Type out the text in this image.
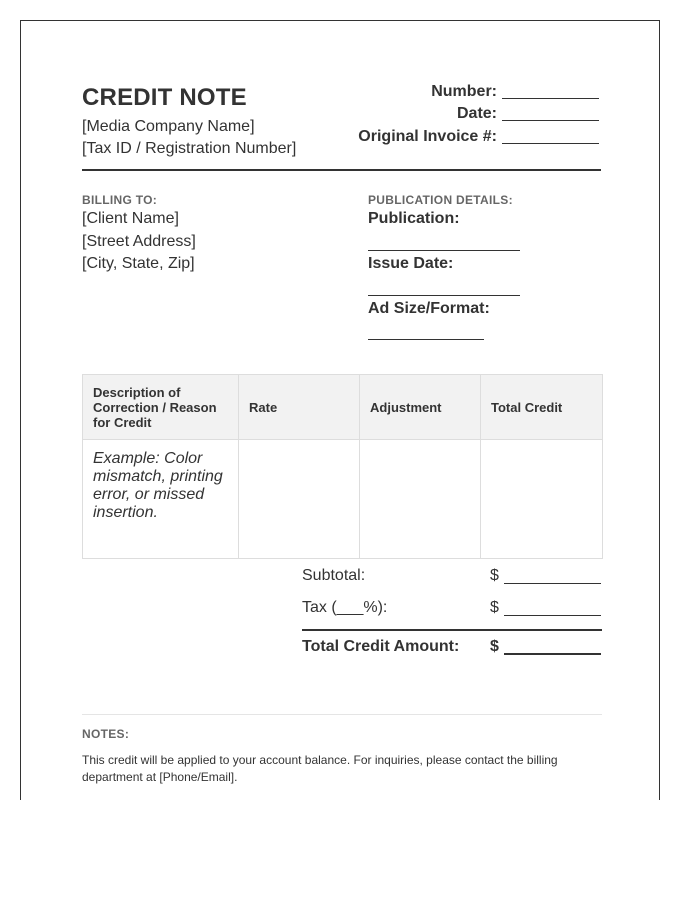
CREDIT NOTE
[Media Company Name]
[Tax ID / Registration Number]
Number:
Date:
Original Invoice #:
BILLING TO:
[Client Name]
[Street Address]
[City, State, Zip]
PUBLICATION DETAILS:
Publication:
Issue Date:
Ad Size/Format:
Description of Correction / Reason for Credit	Rate	Adjustment	Total Credit
Example: Color mismatch, printing error, or missed insertion.			
Subtotal:	$
Tax (___%):	$
Total Credit Amount: $
NOTES:
This credit will be applied to your account balance. For inquiries, please contact the billing department at [Phone/Email].
